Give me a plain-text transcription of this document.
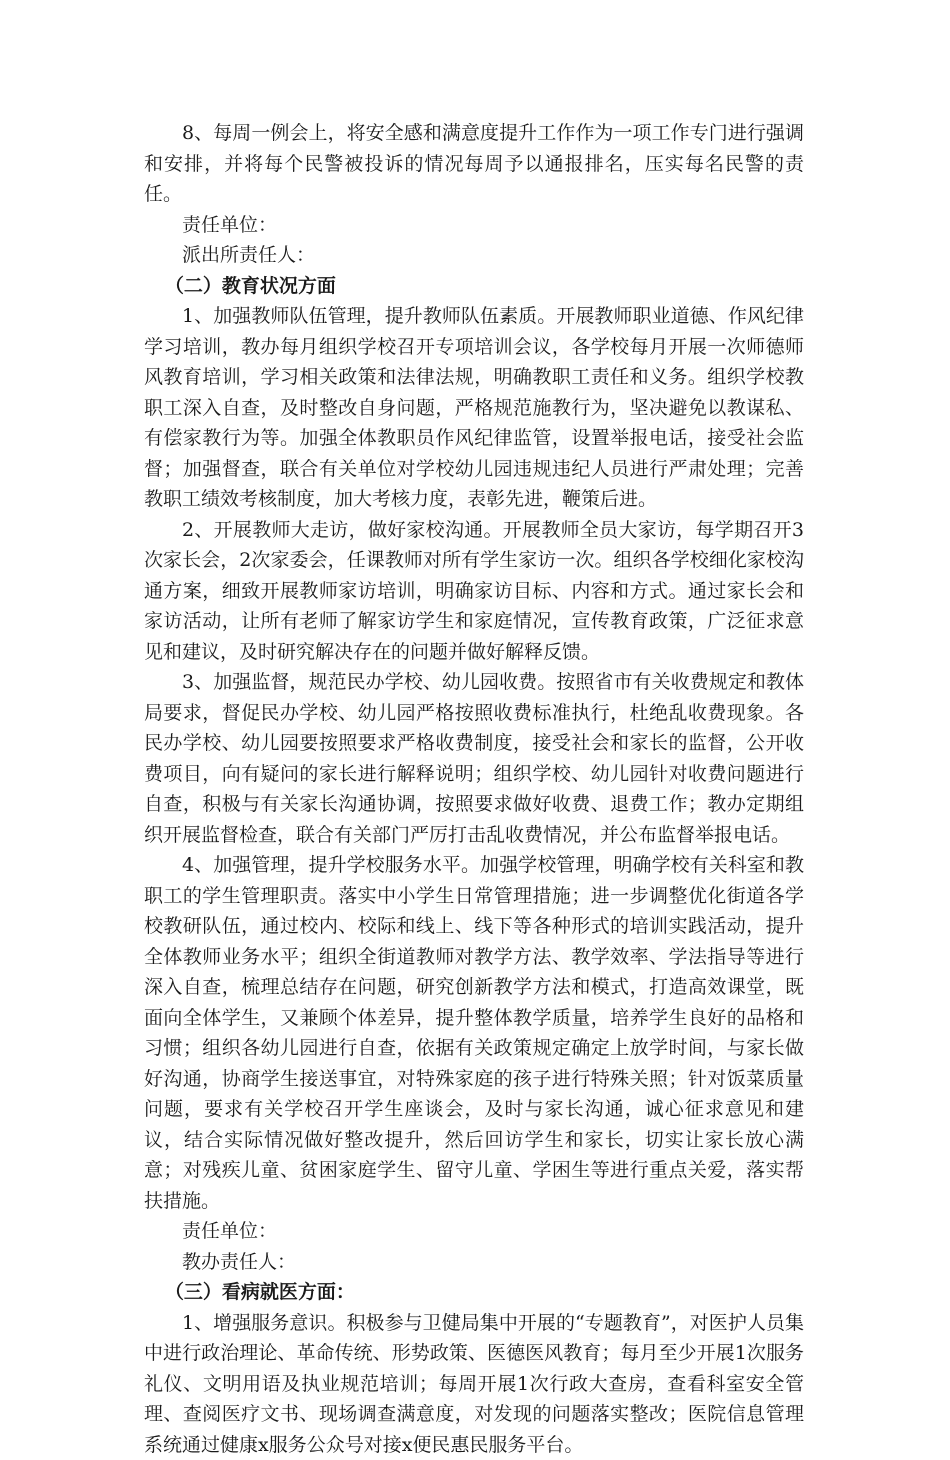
8、每周一例会上，将安全感和满意度提升工作作为一项工作专门进行强调和安排，并将每个民警被投诉的情况每周予以通报排名，压实每名民警的责任。

责任单位：

派出所责任人：

（二）教育状况方面

1、加强教师队伍管理，提升教师队伍素质。开展教师职业道德、作风纪律学习培训，教办每月组织学校召开专项培训会议，各学校每月开展一次师德师风教育培训，学习相关政策和法律法规，明确教职工责任和义务。组织学校教职工深入自查，及时整改自身问题，严格规范施教行为，坚决避免以教谋私、有偿家教行为等。加强全体教职员作风纪律监管，设置举报电话，接受社会监督；加强督查，联合有关单位对学校幼儿园违规违纪人员进行严肃处理；完善教职工绩效考核制度，加大考核力度，表彰先进，鞭策后进。

2、开展教师大走访，做好家校沟通。开展教师全员大家访，每学期召开3次家长会，2次家委会，任课教师对所有学生家访一次。组织各学校细化家校沟通方案，细致开展教师家访培训，明确家访目标、内容和方式。通过家长会和家访活动，让所有老师了解家访学生和家庭情况，宣传教育政策，广泛征求意见和建议，及时研究解决存在的问题并做好解释反馈。

3、加强监督，规范民办学校、幼儿园收费。按照省市有关收费规定和教体局要求，督促民办学校、幼儿园严格按照收费标准执行，杜绝乱收费现象。各民办学校、幼儿园要按照要求严格收费制度，接受社会和家长的监督，公开收费项目，向有疑问的家长进行解释说明；组织学校、幼儿园针对收费问题进行自查，积极与有关家长沟通协调，按照要求做好收费、退费工作；教办定期组织开展监督检查，联合有关部门严厉打击乱收费情况，并公布监督举报电话。

4、加强管理，提升学校服务水平。加强学校管理，明确学校有关科室和教职工的学生管理职责。落实中小学生日常管理措施；进一步调整优化街道各学校教研队伍，通过校内、校际和线上、线下等各种形式的培训实践活动，提升全体教师业务水平；组织全街道教师对教学方法、教学效率、学法指导等进行深入自查，梳理总结存在问题，研究创新教学方法和模式，打造高效课堂，既面向全体学生，又兼顾个体差异，提升整体教学质量，培养学生良好的品格和习惯；组织各幼儿园进行自查，依据有关政策规定确定上放学时间，与家长做好沟通，协商学生接送事宜，对特殊家庭的孩子进行特殊关照；针对饭菜质量问题，要求有关学校召开学生座谈会，及时与家长沟通，诚心征求意见和建议，结合实际情况做好整改提升，然后回访学生和家长，切实让家长放心满意；对残疾儿童、贫困家庭学生、留守儿童、学困生等进行重点关爱，落实帮扶措施。

责任单位：

教办责任人：

（三）看病就医方面：

1、增强服务意识。积极参与卫健局集中开展的“专题教育”，对医护人员集中进行政治理论、革命传统、形势政策、医德医风教育；每月至少开展1次服务礼仪、文明用语及执业规范培训；每周开展1次行政大查房，查看科室安全管理、查阅医疗文书、现场调查满意度，对发现的问题落实整改；医院信息管理系统通过健康x服务公众号对接x便民惠民服务平台。
